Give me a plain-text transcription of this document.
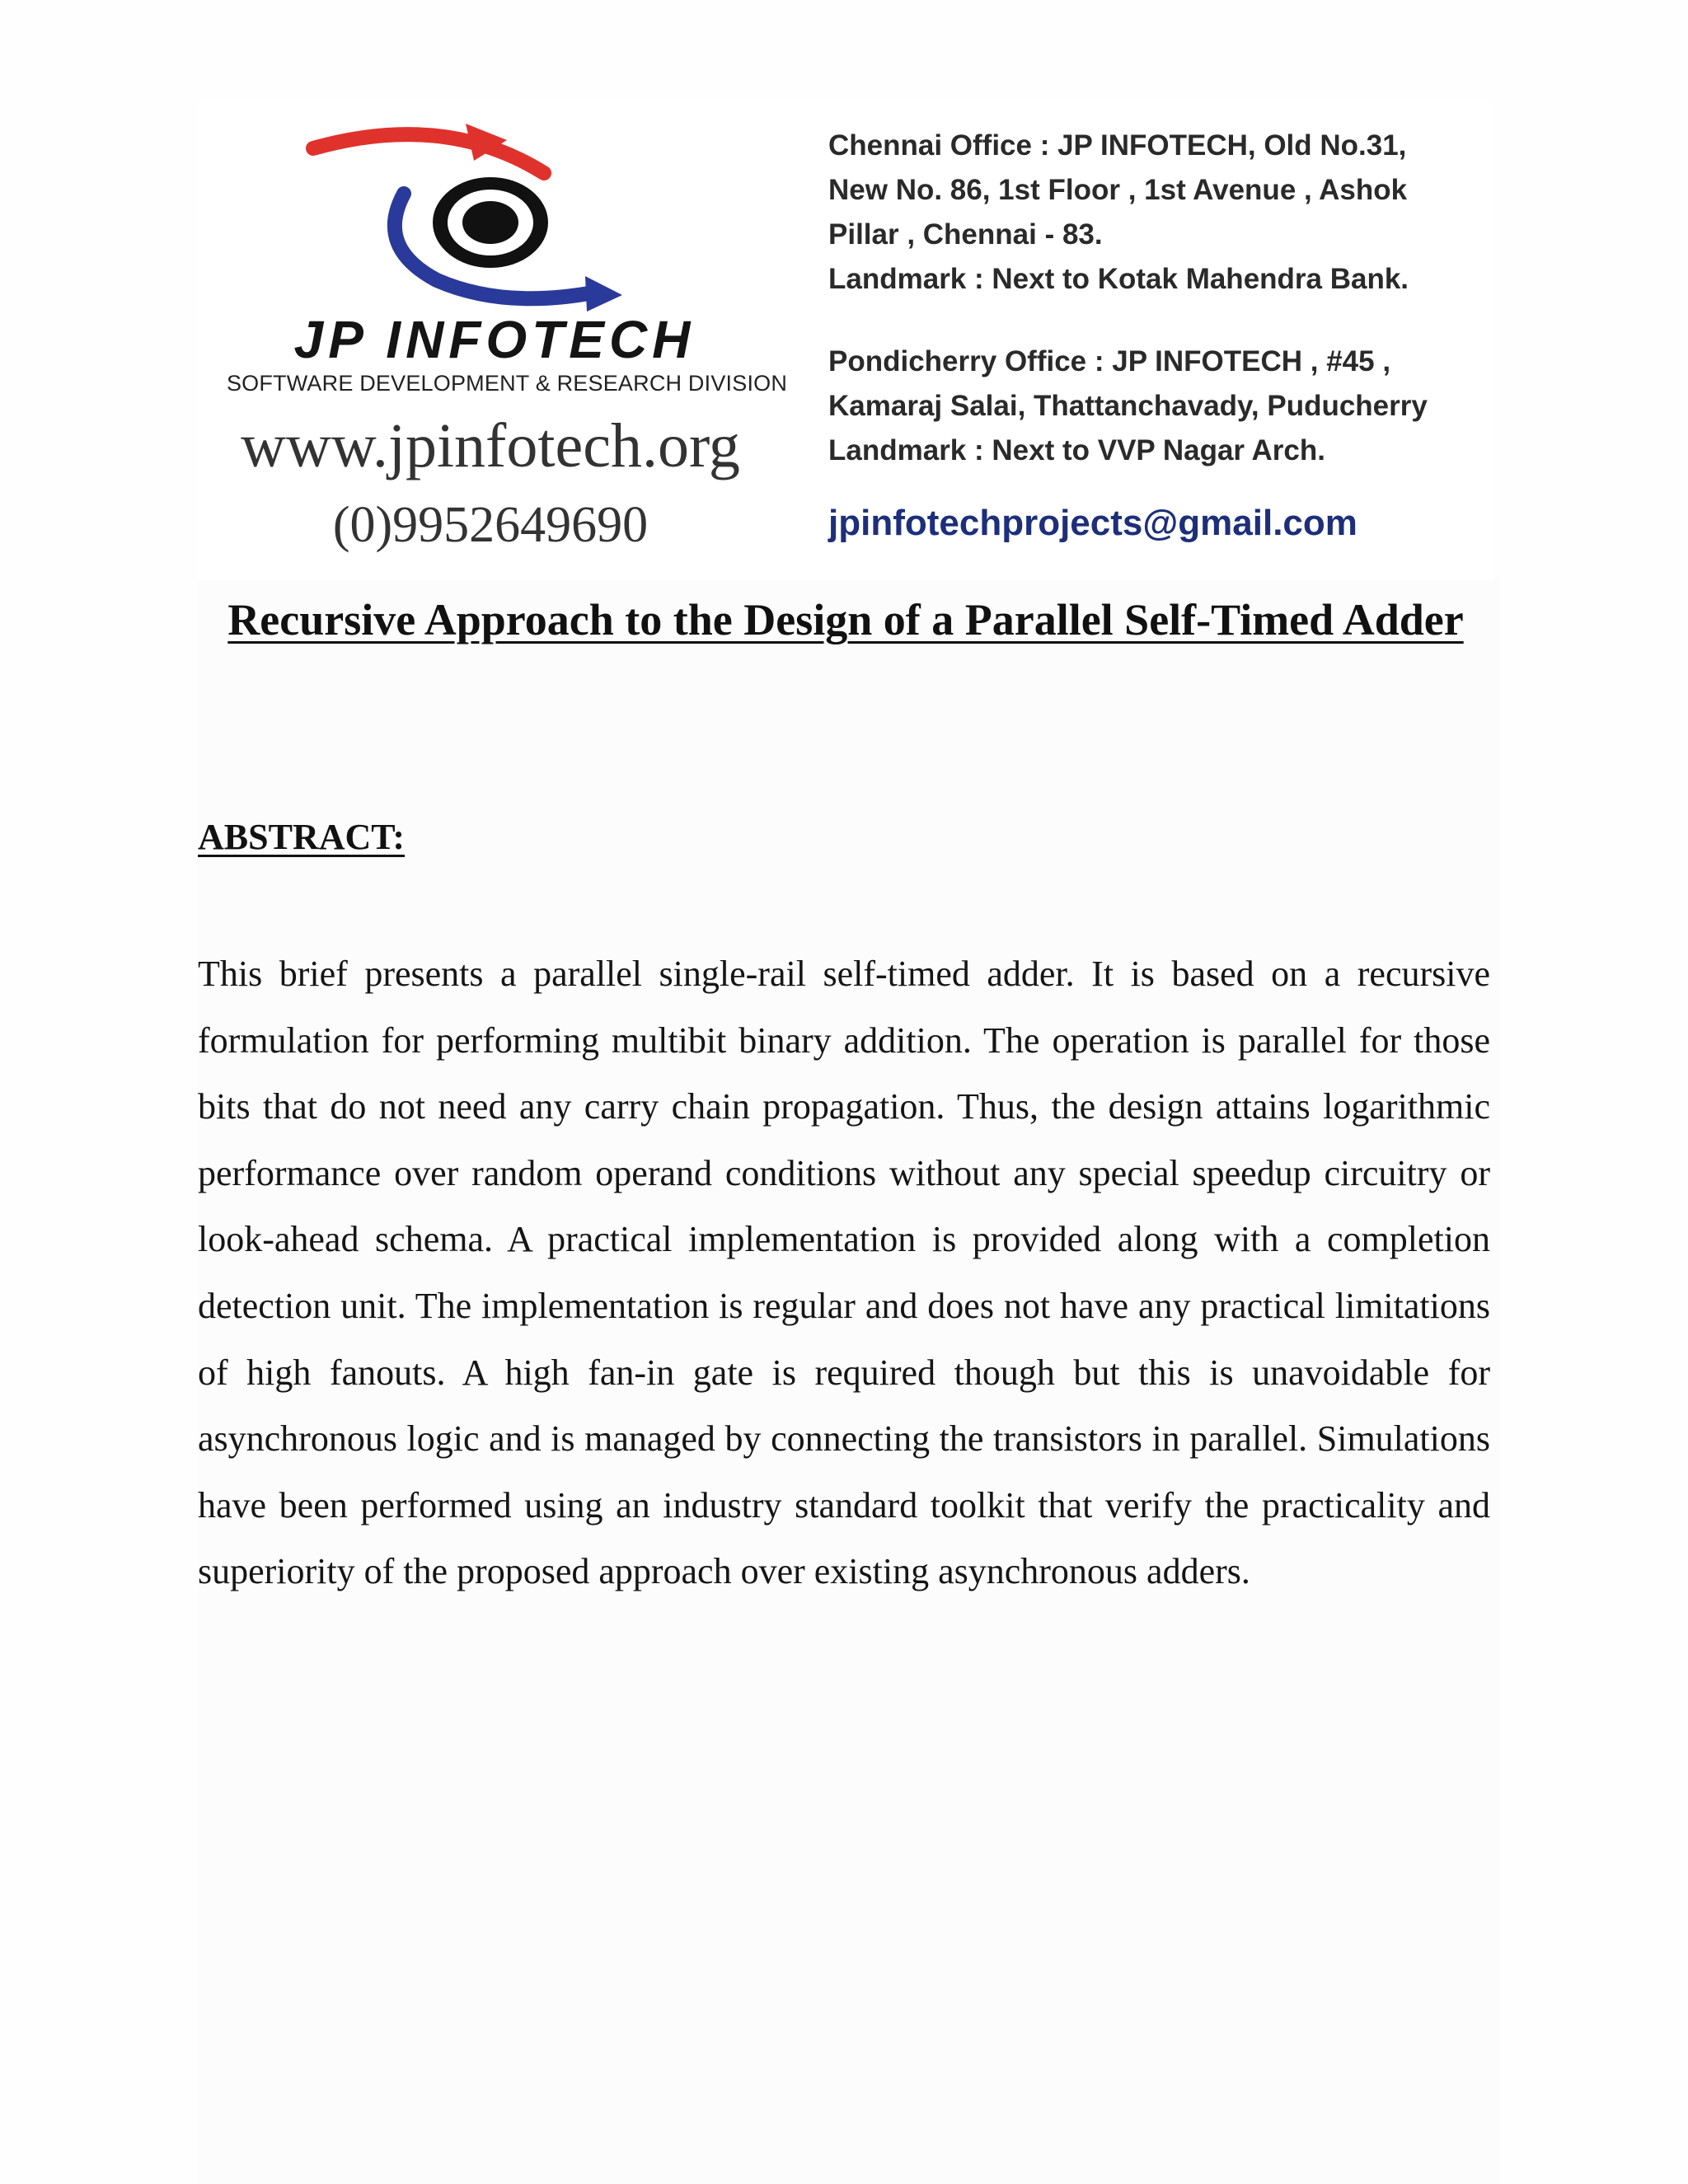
JP INFOTECH
SOFTWARE DEVELOPMENT & RESEARCH DIVISION
www.jpinfotech.org
(0)9952649690
Chennai Office : JP INFOTECH, Old No.31,
New No. 86, 1st Floor , 1st Avenue , Ashok
Pillar , Chennai - 83.
Landmark : Next to Kotak Mahendra Bank.
Pondicherry Office : JP INFOTECH , #45 ,
Kamaraj Salai, Thattanchavady, Puducherry
Landmark : Next to VVP Nagar Arch.
jpinfotechprojects@gmail.com
Recursive Approach to the Design of a Parallel Self-Timed Adder
ABSTRACT:

This brief presents a parallel single-rail self-timed adder. It is based on a recursive formulation for performing multibit binary addition. The operation is parallel for those bits that do not need any carry chain propagation. Thus, the design attains logarithmic performance over random operand conditions without any special speedup circuitry or look-ahead schema. A practical implementation is provided along with a completion detection unit. The implementation is regular and does not have any practical limitations of high fanouts. A high fan-in gate is required though but this is unavoidable for asynchronous logic and is managed by connecting the transistors in parallel. Simulations have been performed using an industry standard toolkit that verify the practicality and superiority of the proposed approach over existing asynchronous adders.
